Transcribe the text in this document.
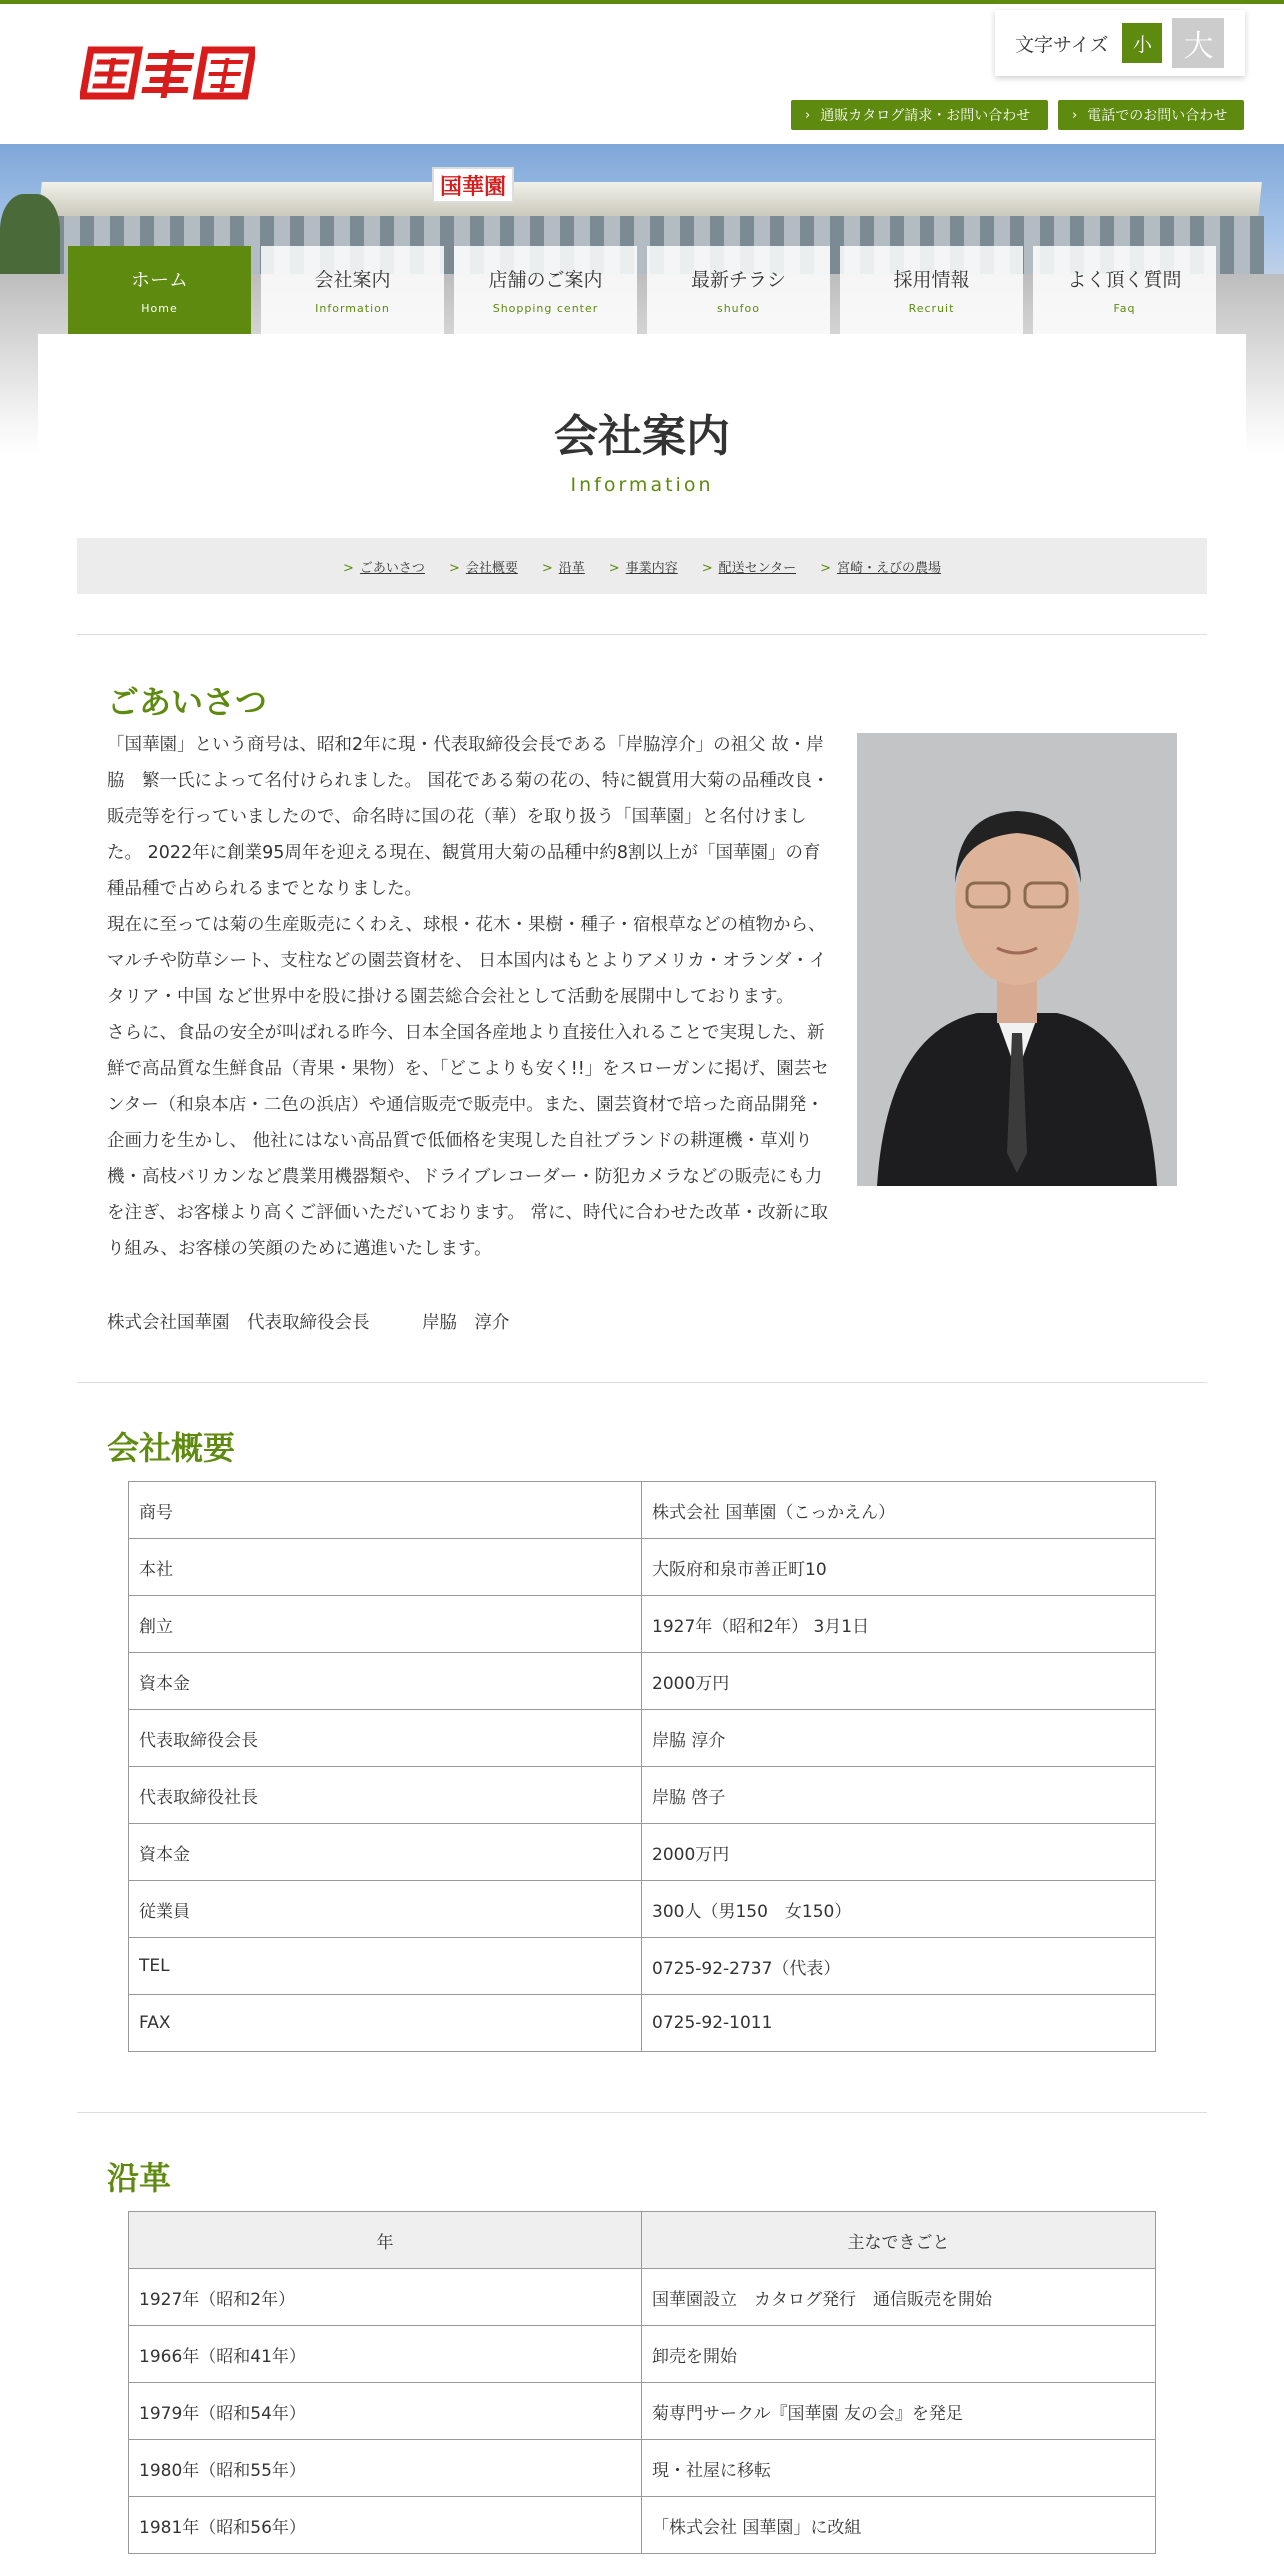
文字サイズ	小	大
› 通販カタログ請求・お問い合わせ	› 電話でのお問い合わせ
国華園
ホーム
Home
会社案内
Information
店舗のご案内
Shopping center
最新チラシ
shufoo
採用情報
Recruit
よく頂く質問
Faq
会社案内
Information
> ごあいさつ > 会社概要 > 沿革 > 事業内容 > 配送センター > 宮崎・えびの農場
ごあいさつ

「国華園」という商号は、昭和2年に現・代表取締役会長である「岸脇淳介」の祖父 故・岸脇　繁一氏によって名付けられました。 国花である菊の花の、特に観賞用大菊の品種改良・販売等を行っていましたので、命名時に国の花（華）を取り扱う「国華園」と名付けました。 2022年に創業95周年を迎える現在、観賞用大菊の品種中約8割以上が「国華園」の育種品種で占められるまでとなりました。

現在に至っては菊の生産販売にくわえ、球根・花木・果樹・種子・宿根草などの植物から、マルチや防草シート、支柱などの園芸資材を、 日本国内はもとよりアメリカ・オランダ・イタリア・中国 など世界中を股に掛ける園芸総合会社として活動を展開中しております。

さらに、食品の安全が叫ばれる昨今、日本全国各産地より直接仕入れることで実現した、新鮮で高品質な生鮮食品（青果・果物）を、「どこよりも安く!!」をスローガンに掲げ、園芸センター（和泉本店・二色の浜店）や通信販売で販売中。また、園芸資材で培った商品開発・企画力を生かし、 他社にはない高品質で低価格を実現した自社ブランドの耕運機・草刈り機・高枝バリカンなど農業用機器類や、ドライブレコーダー・防犯カメラなどの販売にも力を注ぎ、お客様より高くご評価いただいております。 常に、時代に合わせた改革・改新に取り組み、お客様の笑顔のために邁進いたします。

株式会社国華園　代表取締役会長　　　岸脇　淳介
会社概要
商号	株式会社 国華園（こっかえん）
本社	大阪府和泉市善正町10
創立	1927年（昭和2年） 3月1日
資本金	2000万円
代表取締役会長	岸脇 淳介
代表取締役社長	岸脇 啓子
資本金	2000万円
従業員	300人（男150　女150）
TEL	0725-92-2737（代表）
FAX	0725-92-1011
沿革
年	主なできごと
1927年（昭和2年）	国華園設立　カタログ発行　通信販売を開始
1966年（昭和41年）	卸売を開始
1979年（昭和54年）	菊専門サークル『国華園 友の会』を発足
1980年（昭和55年）	現・社屋に移転
1981年（昭和56年）	「株式会社 国華園」に改組
